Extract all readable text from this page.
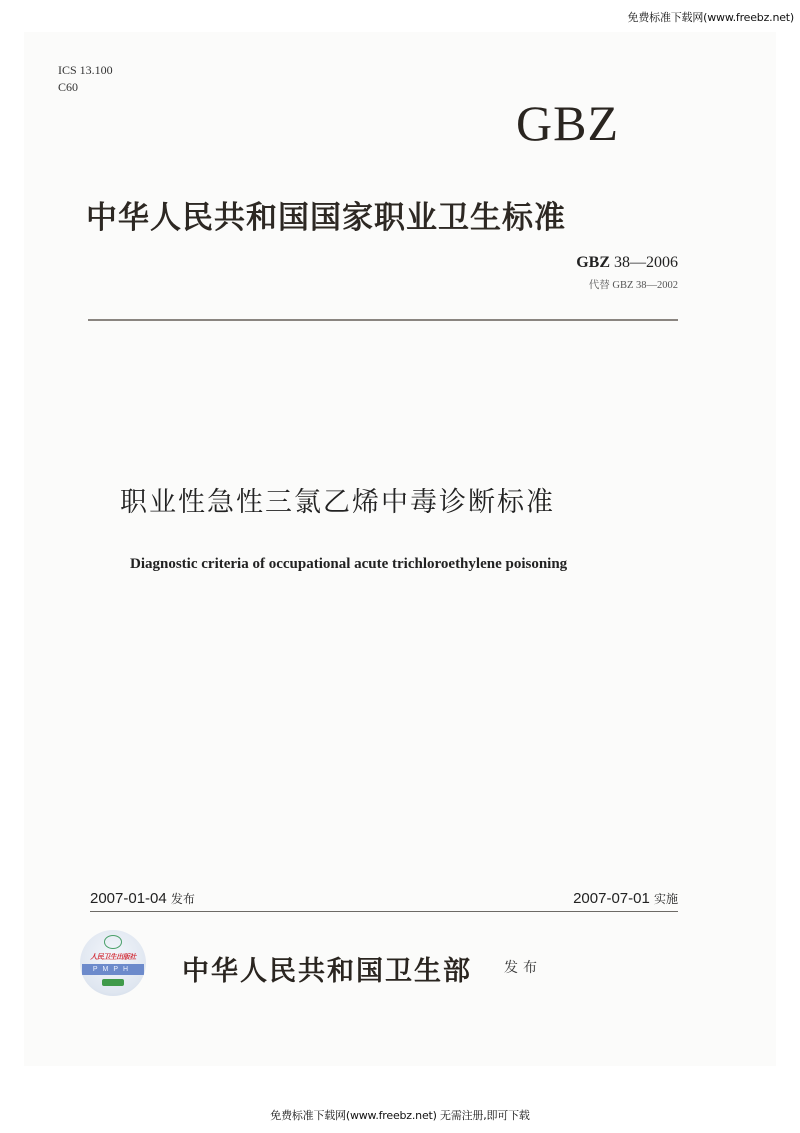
免费标准下载网(www.freebz.net)
ICS 13.100
C60
GBZ
中华人民共和国国家职业卫生标准
GBZ 38—2006
代替 GBZ 38—2002
职业性急性三氯乙烯中毒诊断标准
Diagnostic criteria of occupational acute trichloroethylene poisoning
2007-01-04 发布	2007-07-01 实施
人民卫生出版社
PMPH	中华人民共和国卫生部 发布
免费标准下载网(www.freebz.net) 无需注册,即可下载
